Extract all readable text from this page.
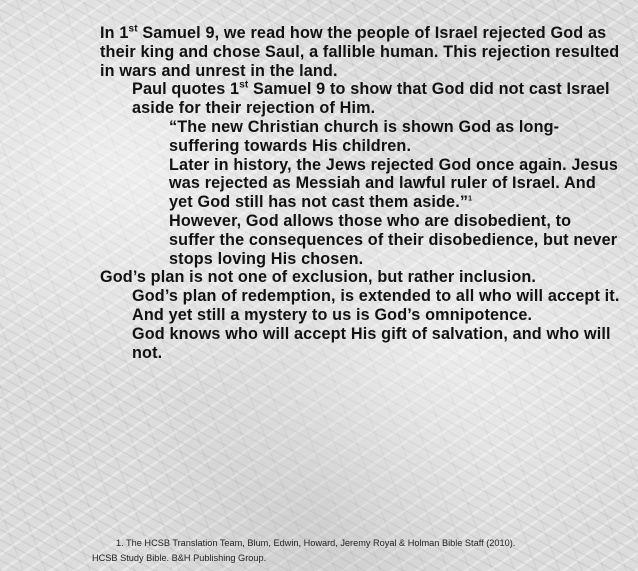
In 1st Samuel 9, we read how the people of Israel rejected God as their king and chose Saul, a fallible human. This rejection resulted in wars and unrest in the land.

Paul quotes 1st Samuel 9 to show that God did not cast Israel aside for their rejection of Him.

“The new Christian church is shown God as long-suffering towards His children.

Later in history, the Jews rejected God once again. Jesus was rejected as Messiah and lawful ruler of Israel. And yet God still has not cast them aside.”$^1$

However, God allows those who are disobedient, to suffer the consequences of their disobedience, but never stops loving His chosen.

God’s plan is not one of exclusion, but rather inclusion.

God’s plan of redemption, is extended to all who will accept it.

And yet still a mystery to us is God’s omnipotence.

God knows who will accept His gift of salvation, and who will not.

1. The HCSB Translation Team, Blum, Edwin, Howard, Jeremy Royal & Holman Bible Staff (2010).
HCSB Study Bible. B&H Publishing Group.
